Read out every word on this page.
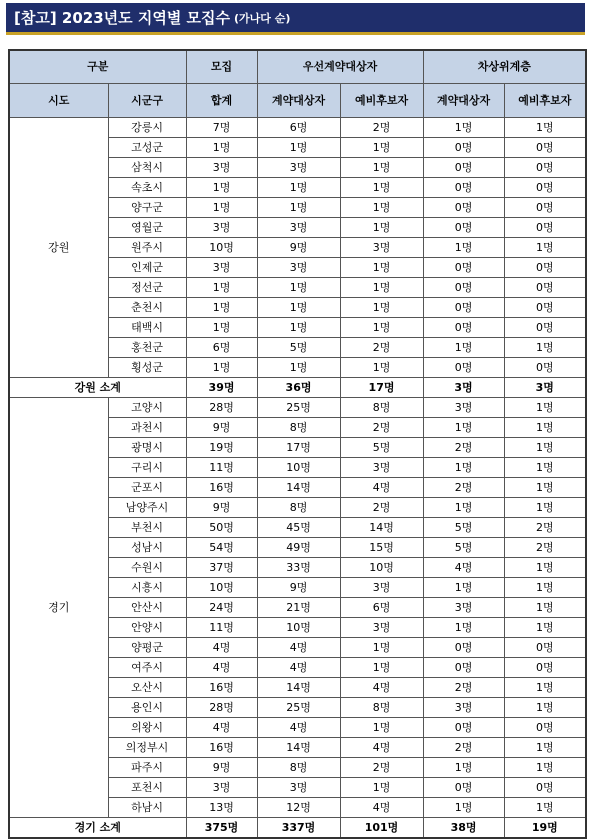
[참고] 2023년도 지역별 모집수 (가나다 순)
구분		모집	우선계약대상자		차상위계층	
시도	시군구	합계	계약대상자	예비후보자	계약대상자	예비후보자
강원	강릉시	7명	6명	2명	1명	1명
	고성군	1명	1명	1명	0명	0명
	삼척시	3명	3명	1명	0명	0명
	속초시	1명	1명	1명	0명	0명
	양구군	1명	1명	1명	0명	0명
	영월군	3명	3명	1명	0명	0명
	원주시	10명	9명	3명	1명	1명
	인제군	3명	3명	1명	0명	0명
	정선군	1명	1명	1명	0명	0명
	춘천시	1명	1명	1명	0명	0명
	태백시	1명	1명	1명	0명	0명
	홍천군	6명	5명	2명	1명	1명
	횡성군	1명	1명	1명	0명	0명
강원 소계		39명	36명	17명	3명	3명
경기	고양시	28명	25명	8명	3명	1명
	과천시	9명	8명	2명	1명	1명
	광명시	19명	17명	5명	2명	1명
	구리시	11명	10명	3명	1명	1명
	군포시	16명	14명	4명	2명	1명
	남양주시	9명	8명	2명	1명	1명
	부천시	50명	45명	14명	5명	2명
	성남시	54명	49명	15명	5명	2명
	수원시	37명	33명	10명	4명	1명
	시흥시	10명	9명	3명	1명	1명
	안산시	24명	21명	6명	3명	1명
	안양시	11명	10명	3명	1명	1명
	양평군	4명	4명	1명	0명	0명
	여주시	4명	4명	1명	0명	0명
	오산시	16명	14명	4명	2명	1명
	용인시	28명	25명	8명	3명	1명
	의왕시	4명	4명	1명	0명	0명
	의정부시	16명	14명	4명	2명	1명
	파주시	9명	8명	2명	1명	1명
	포천시	3명	3명	1명	0명	0명
	하남시	13명	12명	4명	1명	1명
경기 소계		375명	337명	101명	38명	19명
